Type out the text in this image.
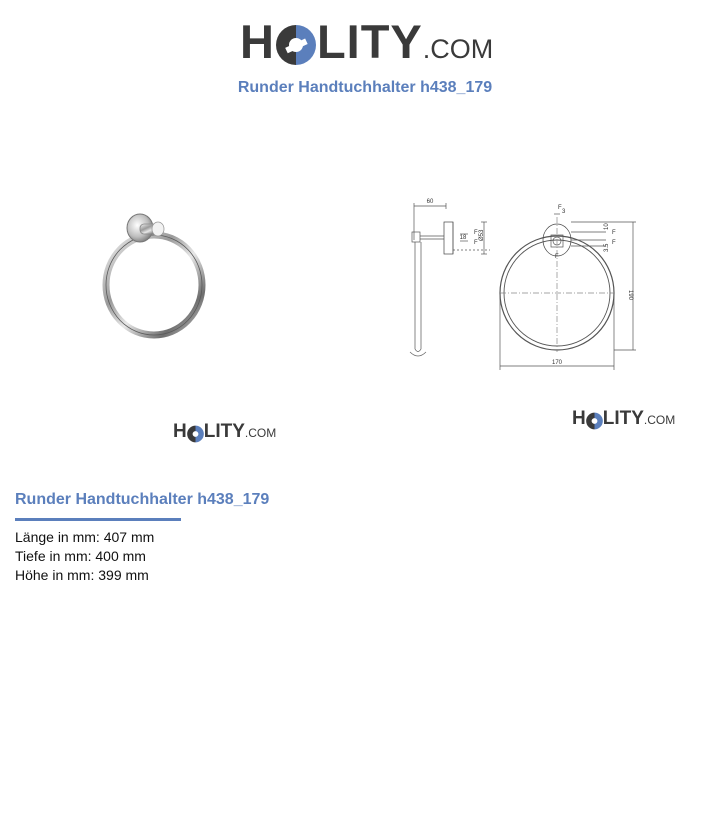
H LITY .COM
Runder Handtuchhalter h438_179
60
18
F
F
Ø53
F
3
F
10
F
F
3.5
190
170
H LITY .COM
H LITY .COM
Runder Handtuchhalter h438_179
Länge in mm: 407 mm
Tiefe in mm: 400 mm
Höhe in mm: 399 mm
